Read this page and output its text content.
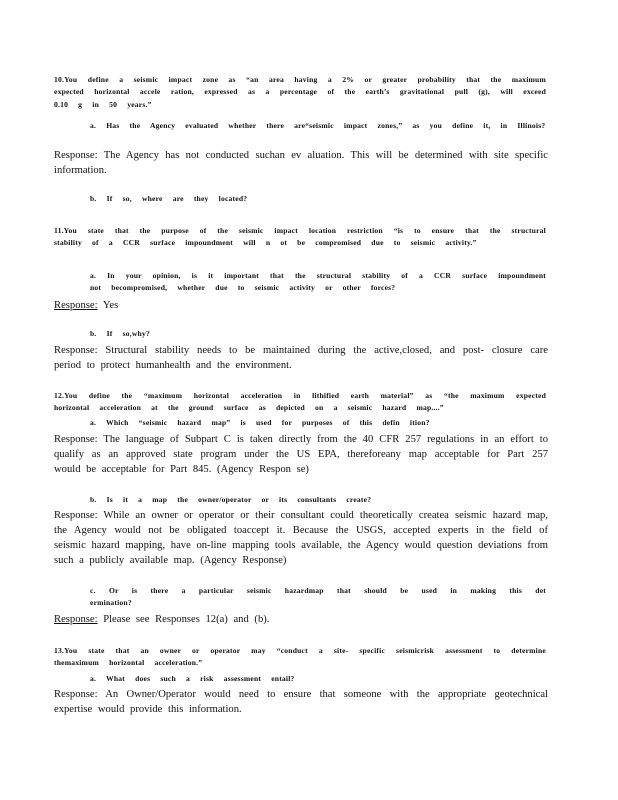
10.You define a seismic impact zone as “an area having a 2% or greater probability that the maximum expected horizontal accele ration, expressed as a percentage of the earth’s gravitational pull (g), will exceed 0.10 g in 50 years.”

a. Has the Agency evaluated whether there are“seismic impact zones,” as you define it, in Illinois?

Response: The Agency has not conducted suchan ev aluation. This will be determined with site specific information.

b. If so, where are they located?

11.You state that the purpose of the seismic impact location restriction “is to ensure that the structural stability of a CCR surface impoundment will n ot be compromised due to seismic activity.”

a. In your opinion, is it important that the structural stability of a CCR surface impoundment not becompromised, whether due to seismic activity or other forces?

Response: Yes

b. If so,why?

Response: Structural stability needs to be maintained during the active,closed, and post- closure care period to protect humanhealth and the environment.

12.You define the “maximum horizontal acceleration in lithified earth material” as “the maximum expected horizontal acceleration at the ground surface as depicted on a seismic hazard map....”

a. Which “seismic hazard map” is used for purposes of this defin ition?

Response: The language of Subpart C is taken directly from the 40 CFR 257 regulations in an effort to qualify as an approved state program under the US EPA, thereforeany map acceptable for Part 257 would be acceptable for Part 845. (Agency Respon se)

b. Is it a map the owner/operator or its consultants create?

Response: While an owner or operator or their consultant could theoretically createa seismic hazard map, the Agency would not be obligated toaccept it. Because the USGS, accepted experts in the field of seismic hazard mapping, have on-line mapping tools available, the Agency would question deviations from such a publicly available map. (Agency Response)

c. Or is there a particular seismic hazardmap that should be used in making this det ermination?

Response: Please see Responses 12(a) and (b).

13.You state that an owner or operator may “conduct a site- specific seismicrisk assessment to determine themaximum horizontal acceleration.”

a. What does such a risk assessment entail?

Response: An Owner/Operator would need to ensure that someone with the appropriate geotechnical expertise would provide this information.
